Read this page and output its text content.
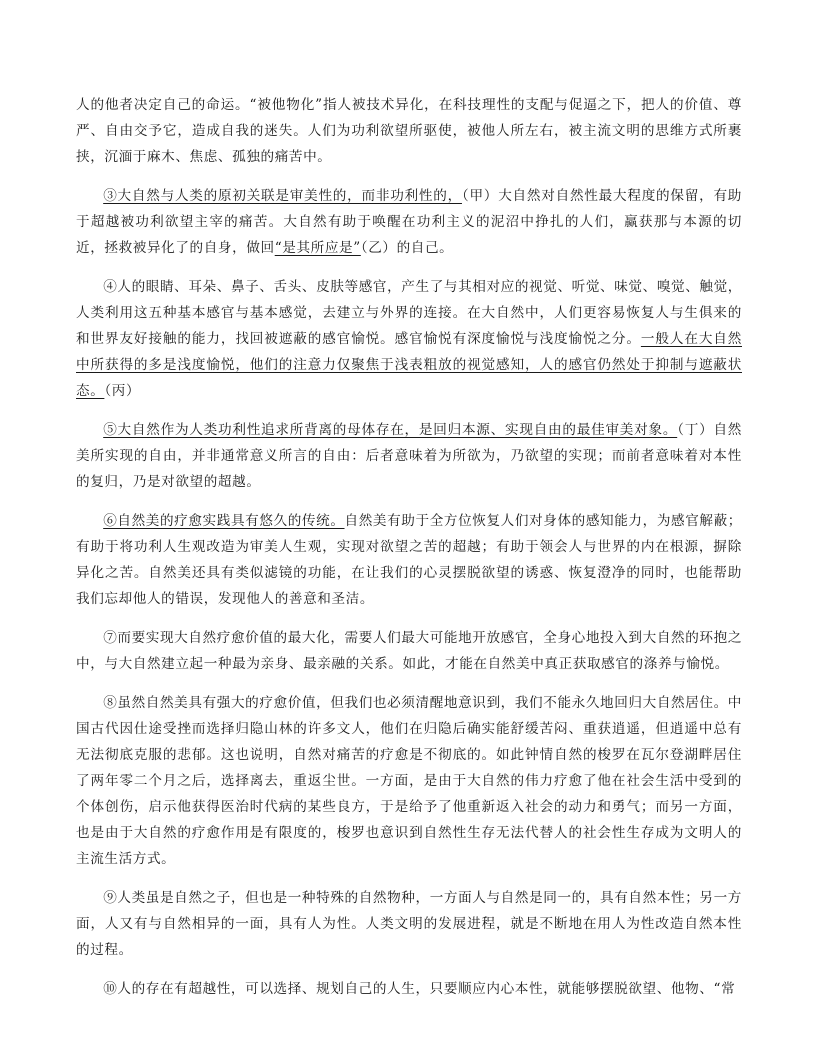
人的他者决定自己的命运。“被他物化”指人被技术异化，在科技理性的支配与促逼之下，把人的价值、尊严、自由交予它，造成自我的迷失。人们为功利欲望所驱使，被他人所左右，被主流文明的思维方式所裹挟，沉湎于麻木、焦虑、孤独的痛苦中。

③大自然与人类的原初关联是审美性的，而非功利性的，（甲）大自然对自然性最大程度的保留，有助于超越被功利欲望主宰的痛苦。大自然有助于唤醒在功利主义的泥沼中挣扎的人们，赢获那与本源的切近，拯救被异化了的自身，做回“是其所应是”（乙）的自己。

④人的眼睛、耳朵、鼻子、舌头、皮肤等感官，产生了与其相对应的视觉、听觉、味觉、嗅觉、触觉，人类利用这五种基本感官与基本感觉，去建立与外界的连接。在大自然中，人们更容易恢复人与生俱来的和世界友好接触的能力，找回被遮蔽的感官愉悦。感官愉悦有深度愉悦与浅度愉悦之分。一般人在大自然中所获得的多是浅度愉悦，他们的注意力仅聚焦于浅表粗放的视觉感知，人的感官仍然处于抑制与遮蔽状态。（丙）

⑤大自然作为人类功利性追求所背离的母体存在，是回归本源、实现自由的最佳审美对象。（丁）自然美所实现的自由，并非通常意义所言的自由：后者意味着为所欲为，乃欲望的实现；而前者意味着对本性的复归，乃是对欲望的超越。

⑥自然美的疗愈实践具有悠久的传统。自然美有助于全方位恢复人们对身体的感知能力，为感官解蔽；有助于将功利人生观改造为审美人生观，实现对欲望之苦的超越；有助于领会人与世界的内在根源，摒除异化之苦。自然美还具有类似滤镜的功能，在让我们的心灵摆脱欲望的诱惑、恢复澄净的同时，也能帮助我们忘却他人的错误，发现他人的善意和圣洁。

⑦而要实现大自然疗愈价值的最大化，需要人们最大可能地开放感官，全身心地投入到大自然的环抱之中，与大自然建立起一种最为亲身、最亲融的关系。如此，才能在自然美中真正获取感官的涤养与愉悦。

⑧虽然自然美具有强大的疗愈价值，但我们也必须清醒地意识到，我们不能永久地回归大自然居住。中国古代因仕途受挫而选择归隐山林的许多文人，他们在归隐后确实能舒缓苦闷、重获逍遥，但逍遥中总有无法彻底克服的悲郁。这也说明，自然对痛苦的疗愈是不彻底的。如此钟情自然的梭罗在瓦尔登湖畔居住了两年零二个月之后，选择离去，重返尘世。一方面，是由于大自然的伟力疗愈了他在社会生活中受到的个体创伤，启示他获得医治时代病的某些良方，于是给予了他重新返入社会的动力和勇气；而另一方面，也是由于大自然的疗愈作用是有限度的，梭罗也意识到自然性生存无法代替人的社会性生存成为文明人的主流生活方式。

⑨人类虽是自然之子，但也是一种特殊的自然物种，一方面人与自然是同一的，具有自然本性；另一方面，人又有与自然相异的一面，具有人为性。人类文明的发展进程，就是不断地在用人为性改造自然本性的过程。

⑩人的存在有超越性，可以选择、规划自己的人生，只要顺应内心本性，就能够摆脱欲望、他物、“常
